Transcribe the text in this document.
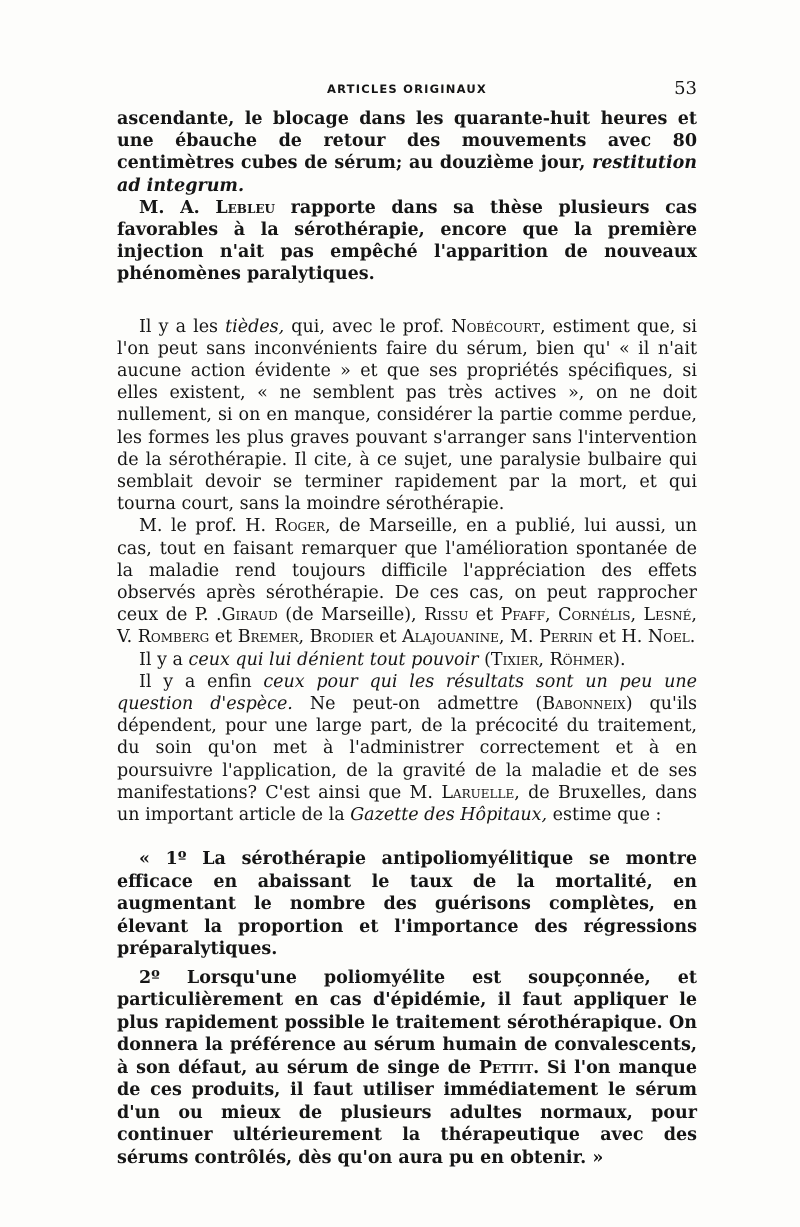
ARTICLES ORIGINAUX	53

ascendante, le blocage dans les quarante-huit heures et une ébauche de retour des mouvements avec 80 centimètres cubes de sérum; au douzième jour, restitution ad integrum.

M. A. Lebleu rapporte dans sa thèse plusieurs cas favorables à la sérothérapie, encore que la première injection n'ait pas empêché l'apparition de nouveaux phénomènes paralytiques.

Il y a les tièdes, qui, avec le prof. Nobécourt, estiment que, si l'on peut sans inconvénients faire du sérum, bien qu' « il n'ait aucune action évidente » et que ses propriétés spécifiques, si elles existent, « ne semblent pas très actives », on ne doit nullement, si on en manque, considérer la partie comme perdue, les formes les plus graves pouvant s'arranger sans l'intervention de la sérothérapie. Il cite, à ce sujet, une paralysie bulbaire qui semblait devoir se terminer rapidement par la mort, et qui tourna court, sans la moindre sérothérapie.

M. le prof. H. Roger, de Marseille, en a publié, lui aussi, un cas, tout en faisant remarquer que l'amélioration spontanée de la maladie rend toujours difficile l'appréciation des effets observés après sérothérapie. De ces cas, on peut rapprocher ceux de P. .Giraud (de Marseille), Rissu et Pfaff, Cornélis, Lesné, V. Romberg et Bremer, Brodier et Alajouanine, M. Perrin et H. Noel.

Il y a ceux qui lui dénient tout pouvoir (Tixier, Röhmer).

Il y a enfin ceux pour qui les résultats sont un peu une question d'espèce. Ne peut-on admettre (Babonneix) qu'ils dépendent, pour une large part, de la précocité du traitement, du soin qu'on met à l'administrer correctement et à en poursuivre l'application, de la gravité de la maladie et de ses manifestations? C'est ainsi que M. Laruelle, de Bruxelles, dans un important article de la Gazette des Hôpitaux, estime que :

« 1º La sérothérapie antipoliomyélitique se montre efficace en abaissant le taux de la mortalité, en augmentant le nombre des guérisons complètes, en élevant la proportion et l'importance des régressions préparalytiques.

2º Lorsqu'une poliomyélite est soupçonnée, et particulièrement en cas d'épidémie, il faut appliquer le plus rapidement possible le traitement sérothérapique. On donnera la préférence au sérum humain de convalescents, à son défaut, au sérum de singe de Pettit. Si l'on manque de ces produits, il faut utiliser immédiatement le sérum d'un ou mieux de plusieurs adultes normaux, pour continuer ultérieurement la thérapeutique avec des sérums contrôlés, dès qu'on aura pu en obtenir. »
